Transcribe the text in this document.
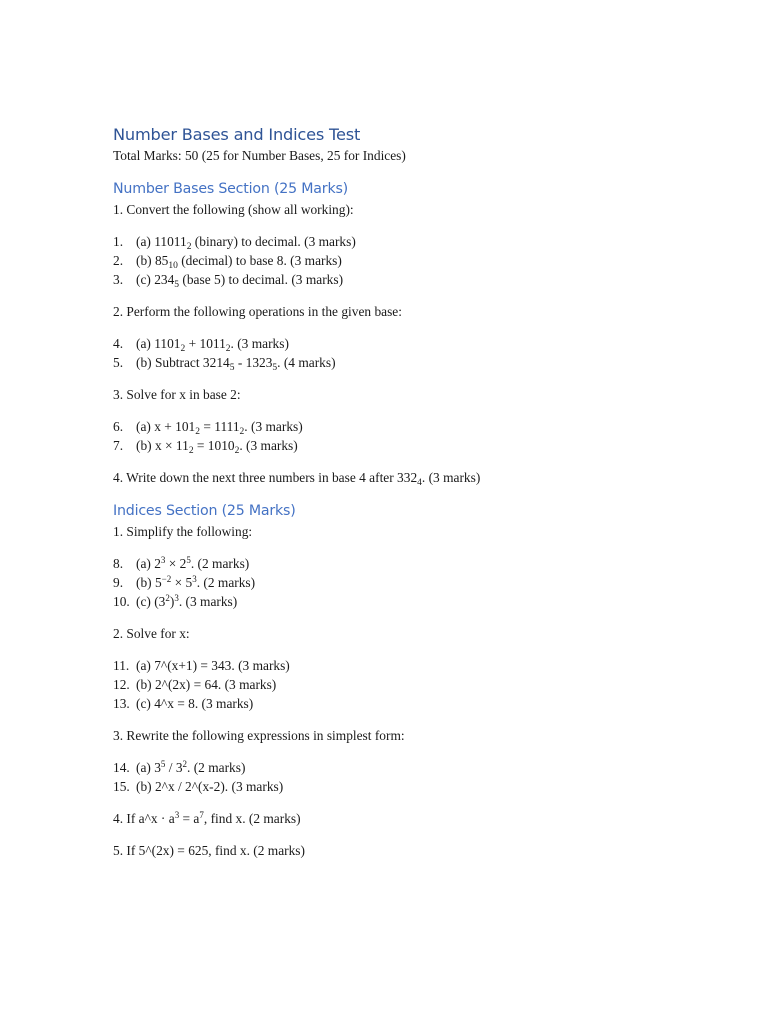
Number Bases and Indices Test

Total Marks: 50 (25 for Number Bases, 25 for Indices)

Number Bases Section (25 Marks)

1. Convert the following (show all working):

1. (a) $11011_2$ (binary) to decimal. (3 marks)
2. (b) $85_{10}$ (decimal) to base 8. (3 marks)
3. (c) $234_5$ (base 5) to decimal. (3 marks)

2. Perform the following operations in the given base:

4. (a) $1101_2 + 1011_2$. (3 marks)
5. (b) Subtract $3214_5 - 1323_5$. (4 marks)

3. Solve for x in base 2:

6. (a) $x + 101_2 = 1111_2$. (3 marks)
7. (b) $x \times 11_2 = 1010_2$. (3 marks)

4. Write down the next three numbers in base 4 after $332_4$. (3 marks)

Indices Section (25 Marks)

1. Simplify the following:

8. (a) $2^3 \times 2^5$. (2 marks)
9. (b) $5^{-2} \times 5^3$. (2 marks)
10. (c) $(3^2)^3$. (3 marks)

2. Solve for x:

11. (a) 7^(x+1) = 343. (3 marks)
12. (b) 2^(2x) = 64. (3 marks)
13. (c) 4^x = 8. (3 marks)

3. Rewrite the following expressions in simplest form:

14. (a) $3^5 / 3^2$. (2 marks)
15. (b) 2^x / 2^(x-2). (3 marks)

4. If a^x · $a^3 = a^7$, find x. (2 marks)

5. If 5^(2x) = 625, find x. (2 marks)
